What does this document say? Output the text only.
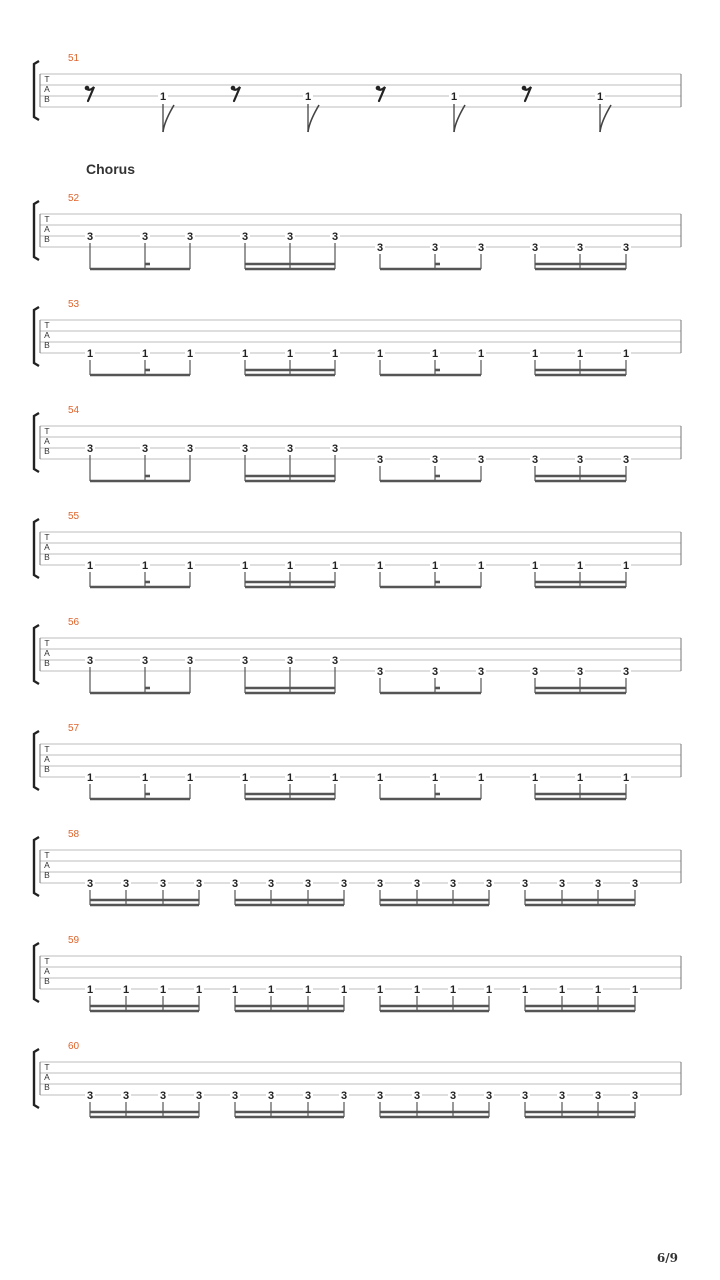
Chorus
6/9
T
A
B
51
1	1	1	1
T
A
B
52
3	3	3	3	3	3
3	3	3	3	3	3
T
A
B
53
1	1	1	1	1	1	1	1	1	1	1	1
T
A
B
54
3	3	3	3	3	3
3	3	3	3	3	3
T
A
B
55
1	1	1	1	1	1	1	1	1	1	1	1
T
A
B
56
3	3	3	3	3	3
3	3	3	3	3	3
T
A
B
57
1	1	1	1	1	1	1	1	1	1	1	1
T
A
B
58
3	3	3	3	3	3	3	3	3	3	3	3	3	3	3	3
T
A
B
59
1	1	1	1	1	1	1	1	1	1	1	1	1	1	1	1
T
A
B
60
3	3	3	3	3	3	3	3	3	3	3	3	3	3	3	3
